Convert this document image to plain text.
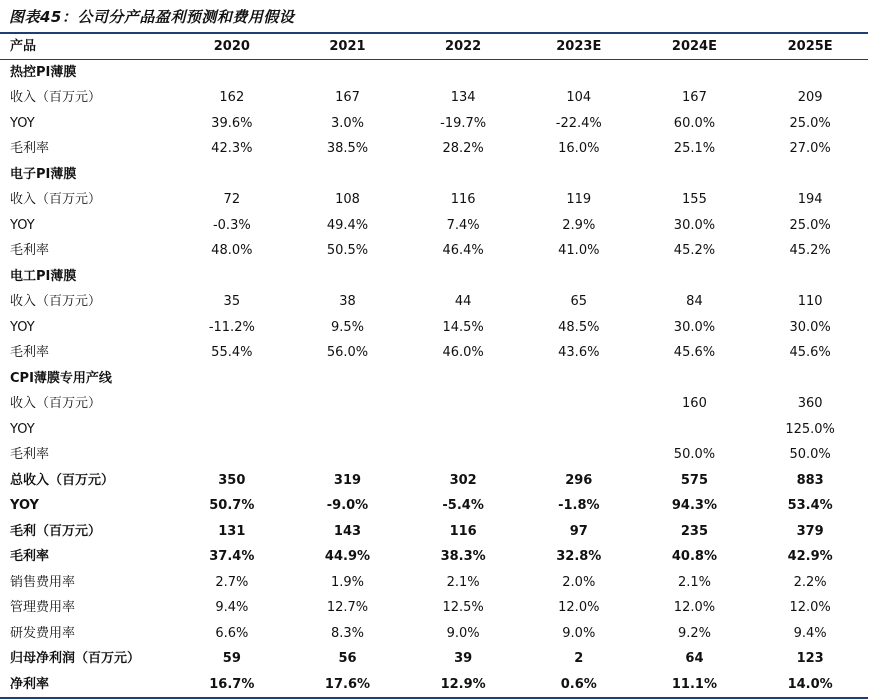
图表45：公司分产品盈利预测和费用假设
产品	2020	2021	2022	2023E	2024E	2025E
热控PI薄膜						
收入（百万元）	162	167	134	104	167	209
YOY	39.6%	3.0%	-19.7%	-22.4%	60.0%	25.0%
毛利率	42.3%	38.5%	28.2%	16.0%	25.1%	27.0%
电子PI薄膜						
收入（百万元）	72	108	116	119	155	194
YOY	-0.3%	49.4%	7.4%	2.9%	30.0%	25.0%
毛利率	48.0%	50.5%	46.4%	41.0%	45.2%	45.2%
电工PI薄膜						
收入（百万元）	35	38	44	65	84	110
YOY	-11.2%	9.5%	14.5%	48.5%	30.0%	30.0%
毛利率	55.4%	56.0%	46.0%	43.6%	45.6%	45.6%
CPI薄膜专用产线						
收入（百万元）					160	360
YOY						125.0%
毛利率					50.0%	50.0%
总收入（百万元）	350	319	302	296	575	883
YOY	50.7%	-9.0%	-5.4%	-1.8%	94.3%	53.4%
毛利（百万元）	131	143	116	97	235	379
毛利率	37.4%	44.9%	38.3%	32.8%	40.8%	42.9%
销售费用率	2.7%	1.9%	2.1%	2.0%	2.1%	2.2%
管理费用率	9.4%	12.7%	12.5%	12.0%	12.0%	12.0%
研发费用率	6.6%	8.3%	9.0%	9.0%	9.2%	9.4%
归母净利润（百万元）	59	56	39	2	64	123
净利率	16.7%	17.6%	12.9%	0.6%	11.1%	14.0%
